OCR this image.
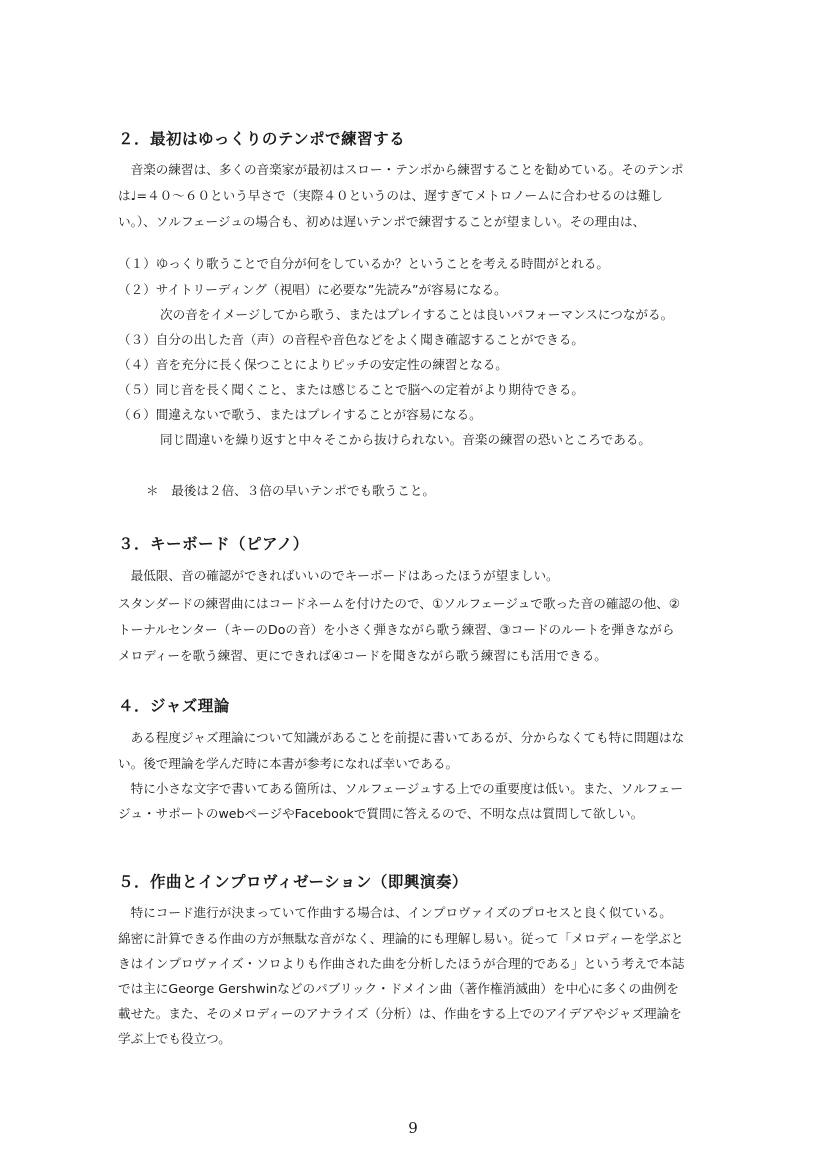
２．最初はゆっくりのテンポで練習する
　音楽の練習は、多くの音楽家が最初はスロー・テンポから練習することを勧めている。そのテンポ
は♩=４０～６０という早さで（実際４０というのは、遅すぎてメトロノームに合わせるのは難し
い。）、ソルフェージュの場合も、初めは遅いテンポで練習することが望ましい。その理由は、
（１）ゆっくり歌うことで自分が何をしているか？ということを考える時間がとれる。
（２）サイトリーディング（視唱）に必要な”先読み”が容易になる。
次の音をイメージしてから歌う、またはプレイすることは良いパフォーマンスにつながる。
（３）自分の出した音（声）の音程や音色などをよく聞き確認することができる。
（４）音を充分に長く保つことによりピッチの安定性の練習となる。
（５）同じ音を長く聞くこと、または感じることで脳への定着がより期待できる。
（６）間違えないで歌う、またはプレイすることが容易になる。
同じ間違いを繰り返すと中々そこから抜けられない。音楽の練習の恐いところである。
＊　最後は２倍、３倍の早いテンポでも歌うこと。
３．キーボード（ピアノ）
　最低限、音の確認ができればいいのでキーボードはあったほうが望ましい。
スタンダードの練習曲にはコードネームを付けたので、①ソルフェージュで歌った音の確認の他、②
トーナルセンター（キーのDoの音）を小さく弾きながら歌う練習、③コードのルートを弾きながら
メロディーを歌う練習、更にできれば④コードを聞きながら歌う練習にも活用できる。
４．ジャズ理論
　ある程度ジャズ理論について知識があることを前提に書いてあるが、分からなくても特に問題はな
い。後で理論を学んだ時に本書が参考になれば幸いである。
　特に小さな文字で書いてある箇所は、ソルフェージュする上での重要度は低い。また、ソルフェー
ジュ・サポートのwebページやFacebookで質問に答えるので、不明な点は質問して欲しい。
５．作曲とインプロヴィゼーション（即興演奏）
　特にコード進行が決まっていて作曲する場合は、インプロヴァイズのプロセスと良く似ている。
綿密に計算できる作曲の方が無駄な音がなく、理論的にも理解し易い。従って「メロディーを学ぶと
きはインプロヴァイズ・ソロよりも作曲された曲を分析したほうが合理的である」という考えで本誌
では主にGeorge Gershwinなどのパブリック・ドメイン曲（著作権消滅曲）を中心に多くの曲例を
載せた。また、そのメロディーのアナライズ（分析）は、作曲をする上でのアイデアやジャズ理論を
学ぶ上でも役立つ。
9
